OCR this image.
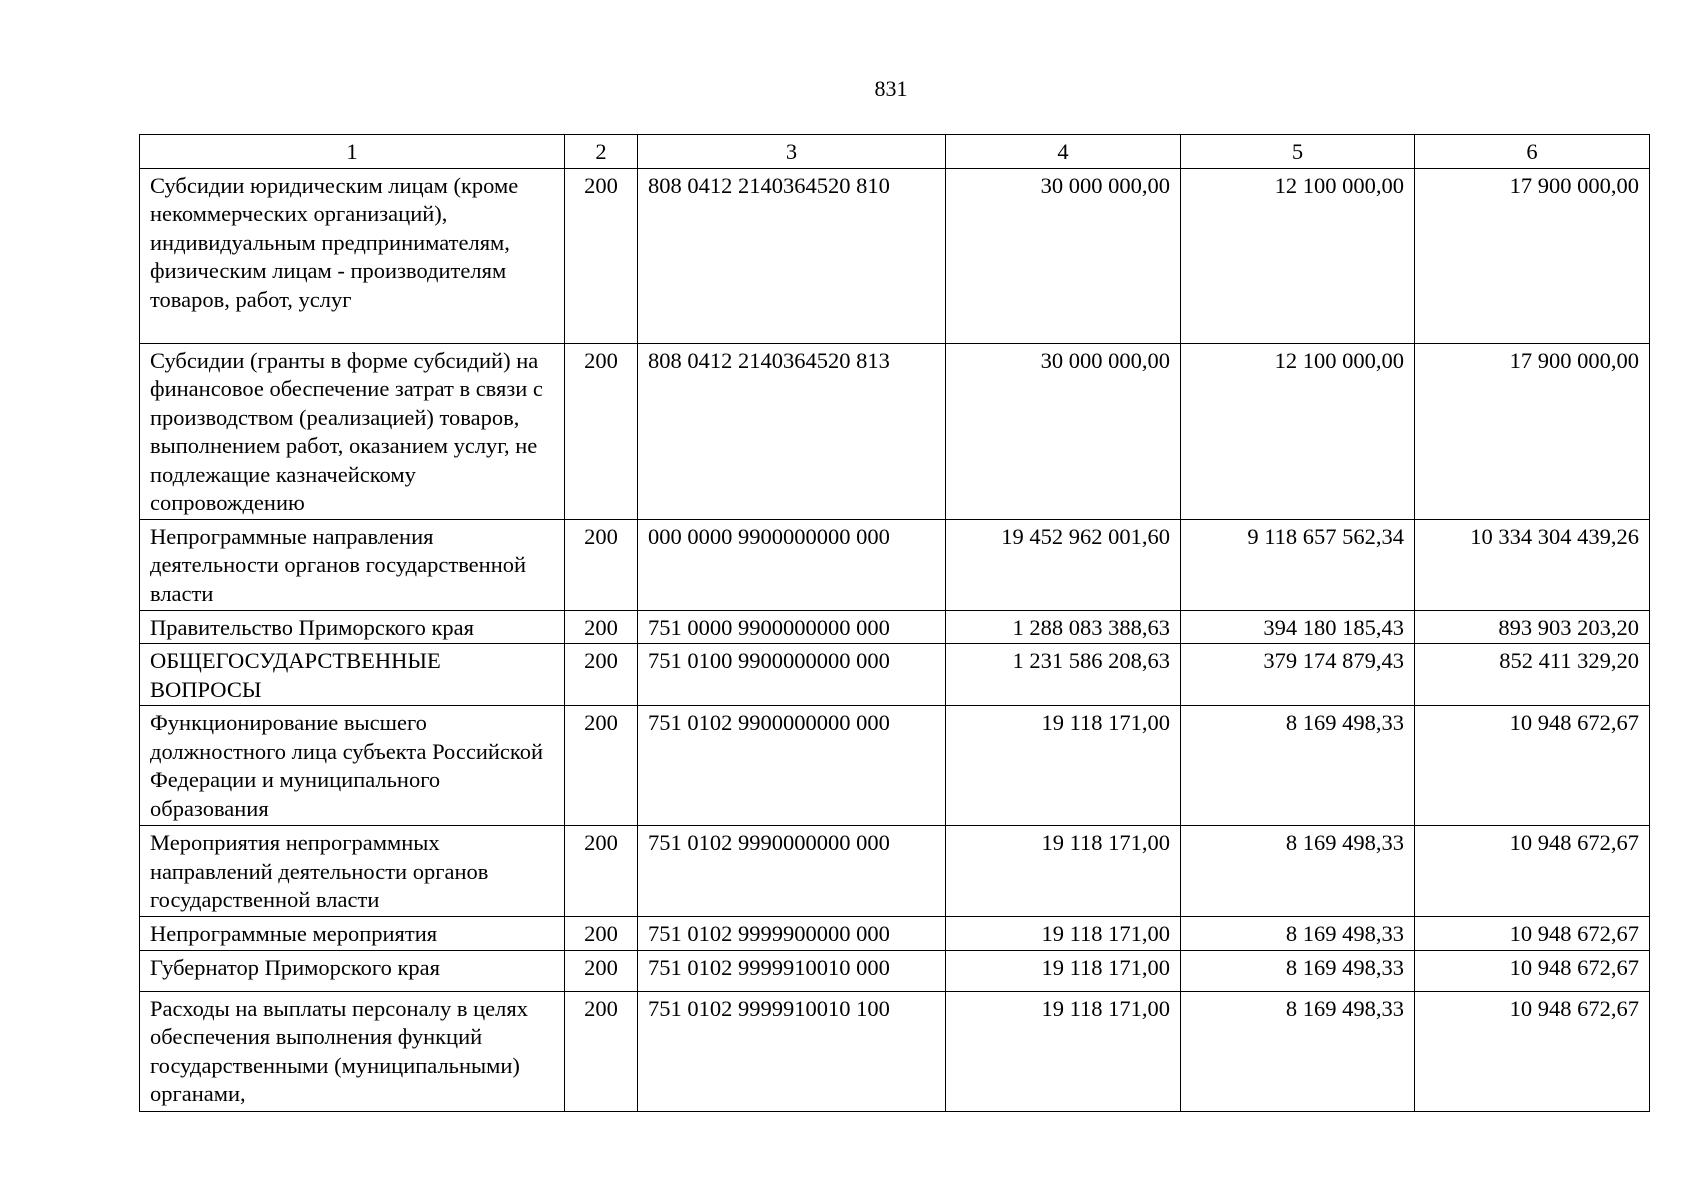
831
1	2	3	4	5	6
Субсидии юридическим лицам (кроме некоммерческих организаций), индивидуальным предпринимателям, физическим лицам - производителям товаров, работ, услуг	200	808 0412 2140364520 810	30 000 000,00	12 100 000,00	17 900 000,00
Субсидии (гранты в форме субсидий) на финансовое обеспечение затрат в связи с производством (реализацией) товаров, выполнением работ, оказанием услуг, не подлежащие казначейскому сопровождению	200	808 0412 2140364520 813	30 000 000,00	12 100 000,00	17 900 000,00
Непрограммные направления деятельности органов государственной власти	200	000 0000 9900000000 000	19 452 962 001,60	9 118 657 562,34	10 334 304 439,26
Правительство Приморского края	200	751 0000 9900000000 000	1 288 083 388,63	394 180 185,43	893 903 203,20
ОБЩЕГОСУДАРСТВЕННЫЕ ВОПРОСЫ	200	751 0100 9900000000 000	1 231 586 208,63	379 174 879,43	852 411 329,20
Функционирование высшего должностного лица субъекта Российской Федерации и муниципального образования	200	751 0102 9900000000 000	19 118 171,00	8 169 498,33	10 948 672,67
Мероприятия непрограммных направлений деятельности органов государственной власти	200	751 0102 9990000000 000	19 118 171,00	8 169 498,33	10 948 672,67
Непрограммные мероприятия	200	751 0102 9999900000 000	19 118 171,00	8 169 498,33	10 948 672,67
Губернатор Приморского края	200	751 0102 9999910010 000	19 118 171,00	8 169 498,33	10 948 672,67
Расходы на выплаты персоналу в целях обеспечения выполнения функций государственными (муниципальными) органами,	200	751 0102 9999910010 100	19 118 171,00	8 169 498,33	10 948 672,67
